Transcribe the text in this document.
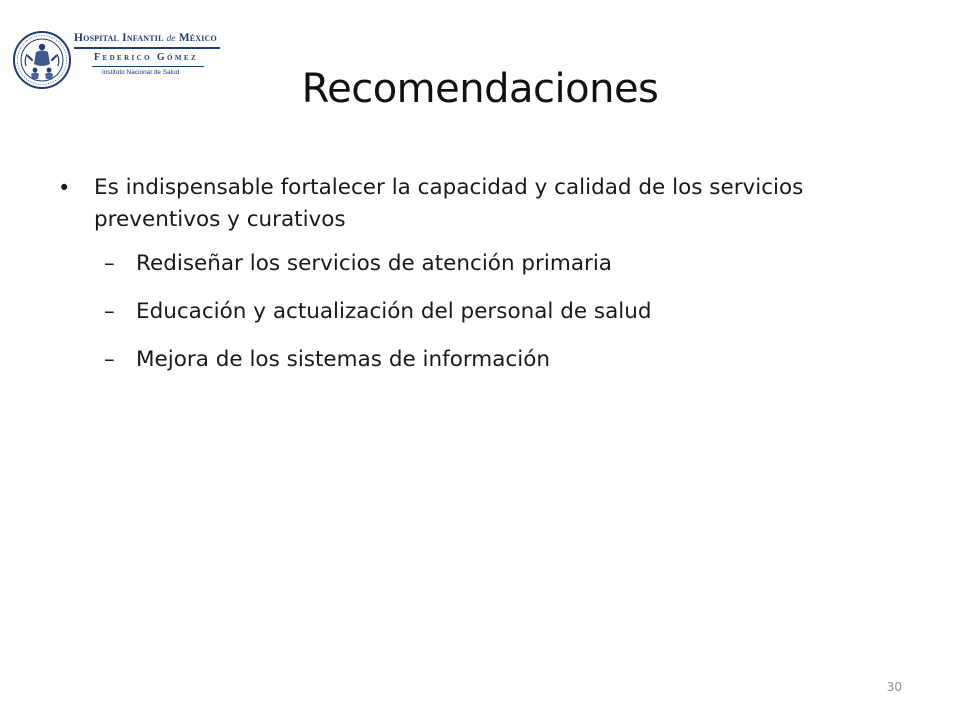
Hospital Infantil de México
Federico Gómez
Instituto Nacional de Salud	Recomendaciones
• Es indispensable fortalecer la capacidad y calidad de los servicios preventivos y curativos
– Rediseñar los servicios de atención primaria
– Educación y actualización del personal de salud
– Mejora de los sistemas de información
30
